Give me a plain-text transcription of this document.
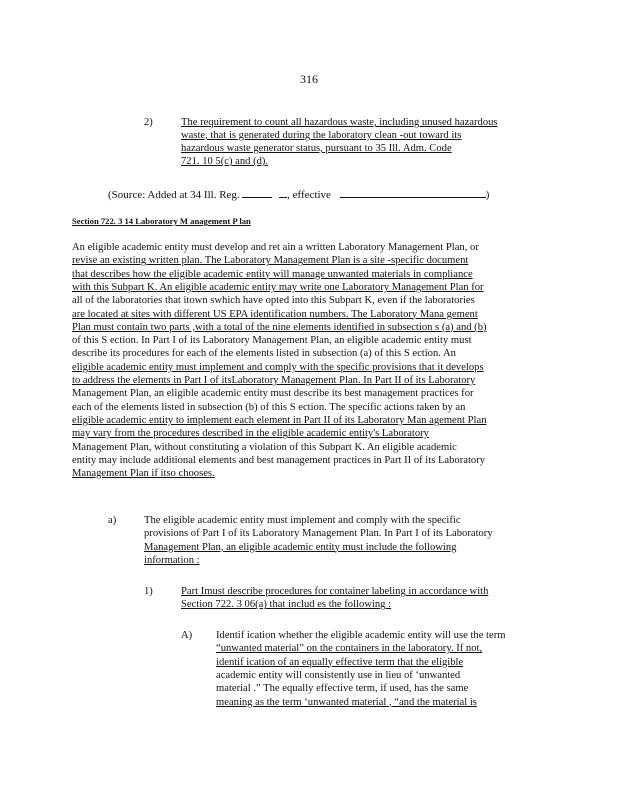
316
2)	The requirement to count all hazardous waste, including unused hazardous
waste, that is generated during the laboratory clean -out toward its
hazardous waste generator status, pursuant to 35 Ill. Adm. Code
721. 10 5(c) and (d).
(Source: Added at 34 Ill. Reg.	, effective	)
Section 722. 3 14 Laboratory M anagement P lan
An eligible academic entity must develop and ret ain a written Laboratory Management Plan, or
revise an existing written plan. The Laboratory Management Plan is a site -specific document
that describes how the eligible academic entity will manage unwanted materials in compliance
with this Subpart K. An eligible academic entity may write one Laboratory Management Plan for
all of the laboratories that itown swhich have opted into this Subpart K, even if the laboratories
are located at sites with different US EPA identification numbers. The Laboratory Mana gement
Plan must contain two parts ,with a total of the nine elements identified in subsection s (a) and (b)
of this S ection. In Part I of its Laboratory Management Plan, an eligible academic entity must
describe its procedures for each of the elements listed in subsection (a) of this S ection. An
eligible academic entity must implement and comply with the specific provisions that it develops
to address the elements in Part I of itsLaboratory Management Plan. In Part II of its Laboratory
Management Plan, an eligible academic entity must describe its best management practices for
each of the elements listed in subsection (b) of this S ection. The specific actions taken by an
eligible academic entity to implement each element in Part II of its Laboratory Man agement Plan
may vary from the procedures described in the eligible academic entity's Laboratory
Management Plan, without constituting a violation of this Subpart K. An eligible academic
entity may include additional elements and best management practices in Part II of its Laboratory
Management Plan if itso chooses.
a)	The eligible academic entity must implement and comply with the specific
provisions of Part I of its Laboratory Management Plan. In Part I of its Laboratory
Management Plan, an eligible academic entity must include the following
information :
1)	Part Imust describe procedures for container labeling in accordance with
Section 722. 3 06(a) that includ es the following :
A) Identif ication whether the eligible academic entity will use the term
“unwanted material” on the containers in the laboratory. If not,
identif ication of an equally effective term that the eligible
academic entity will consistently use in lieu of ‘unwanted
material .” The equally effective term, if used, has the same
meaning as the term ‘unwanted material , “and the material is
